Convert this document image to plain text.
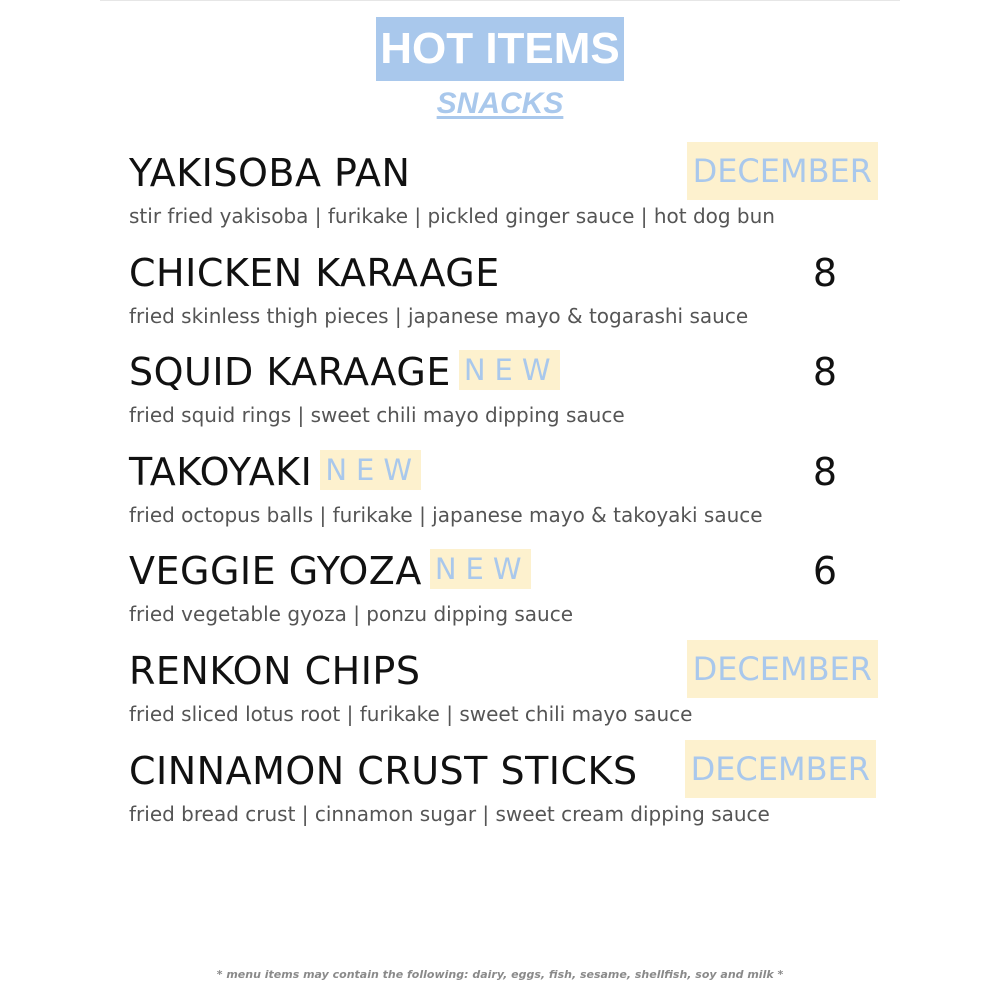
HOT ITEMS
SNACKS
YAKISOBA PAN	DECEMBER
stir fried yakisoba | furikake | pickled ginger sauce | hot dog bun
CHICKEN KARAAGE	8
fried skinless thigh pieces | japanese mayo & togarashi sauce
SQUID KARAAGE NEW	8
fried squid rings | sweet chili mayo dipping sauce
TAKOYAKI NEW	8
fried octopus balls | furikake | japanese mayo & takoyaki sauce
VEGGIE GYOZA NEW	6
fried vegetable gyoza | ponzu dipping sauce
RENKON CHIPS	DECEMBER
fried sliced lotus root | furikake | sweet chili mayo sauce
CINNAMON CRUST STICKS DECEMBER
fried bread crust | cinnamon sugar | sweet cream dipping sauce
* menu items may contain the following: dairy, eggs, fish, sesame, shellfish, soy and milk *
